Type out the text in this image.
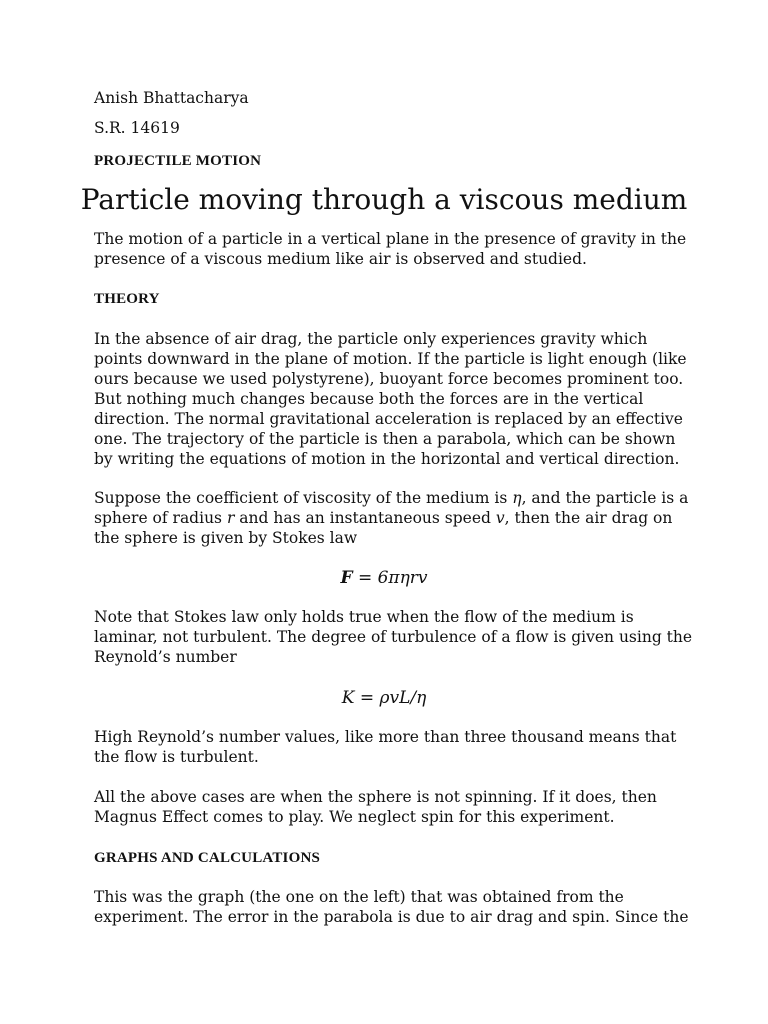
Anish Bhattacharya
S.R. 14619
PROJECTILE MOTION
Particle moving through a viscous medium
The motion of a particle in a vertical plane in the presence of gravity in the
presence of a viscous medium like air is observed and studied.
THEORY
In the absence of air drag, the particle only experiences gravity which
points downward in the plane of motion. If the particle is light enough (like
ours because we used polystyrene), buoyant force becomes prominent too.
But nothing much changes because both the forces are in the vertical
direction. The normal gravitational acceleration is replaced by an effective
one. The trajectory of the particle is then a parabola, which can be shown
by writing the equations of motion in the horizontal and vertical direction.
Suppose the coefficient of viscosity of the medium is η, and the particle is a
sphere of radius r and has an instantaneous speed v, then the air drag on
the sphere is given by Stokes law
F = 6πηrv
Note that Stokes law only holds true when the flow of the medium is
laminar, not turbulent. The degree of turbulence of a flow is given using the
Reynold’s number
K = ρvL/η
High Reynold’s number values, like more than three thousand means that
the flow is turbulent.
All the above cases are when the sphere is not spinning. If it does, then
Magnus Effect comes to play. We neglect spin for this experiment.
GRAPHS AND CALCULATIONS
This was the graph (the one on the left) that was obtained from the
experiment. The error in the parabola is due to air drag and spin. Since the
